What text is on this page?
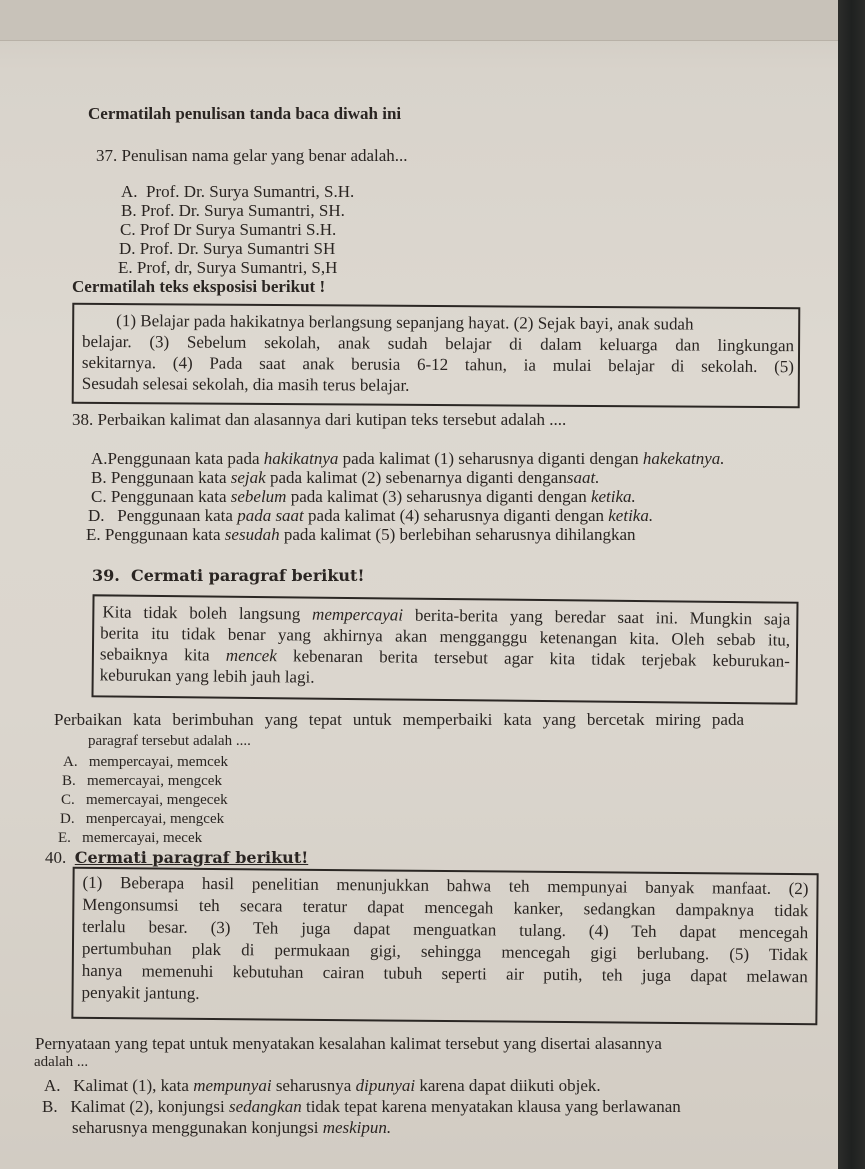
Cermatilah penulisan tanda baca diwah ini
37. Penulisan nama gelar yang benar adalah...
A. Prof. Dr. Surya Sumantri, S.H.
B. Prof. Dr. Surya Sumantri, SH.
C. Prof Dr Surya Sumantri S.H.
D. Prof. Dr. Surya Sumantri SH
E. Prof, dr, Surya Sumantri, S,H
Cermatilah teks eksposisi berikut !
(1) Belajar pada hakikatnya berlangsung sepanjang hayat. (2) Sejak bayi, anak sudah
belajar. (3) Sebelum sekolah, anak sudah belajar di dalam keluarga dan lingkungan
sekitarnya. (4) Pada saat anak berusia 6-12 tahun, ia mulai belajar di sekolah. (5)
Sesudah selesai sekolah, dia masih terus belajar.
38. Perbaikan kalimat dan alasannya dari kutipan teks tersebut adalah ....
A.Penggunaan kata pada hakikatnya pada kalimat (1) seharusnya diganti dengan hakekatnya.
B. Penggunaan kata sejak pada kalimat (2) sebenarnya diganti dengansaat.
C. Penggunaan kata sebelum pada kalimat (3) seharusnya diganti dengan ketika.
D. Penggunaan kata pada saat pada kalimat (4) seharusnya diganti dengan ketika.
E. Penggunaan kata sesudah pada kalimat (5) berlebihan seharusnya dihilangkan
39. Cermati paragraf berikut!
Kita tidak boleh langsung mempercayai berita-berita yang beredar saat ini. Mungkin saja
berita itu tidak benar yang akhirnya akan mengganggu ketenangan kita. Oleh sebab itu,
sebaiknya kita mencek kebenaran berita tersebut agar kita tidak terjebak keburukan-
keburukan yang lebih jauh lagi.
Perbaikan kata berimbuhan yang tepat untuk memperbaiki kata yang bercetak miring pada
paragraf tersebut adalah ....
A. mempercayai, memcek
B. memercayai, mengcek
C. memercayai, mengecek
D. menpercayai, mengcek
E. memercayai, mecek
40. Cermati paragraf berikut!
(1) Beberapa hasil penelitian menunjukkan bahwa teh mempunyai banyak manfaat. (2)
Mengonsumsi teh secara teratur dapat mencegah kanker, sedangkan dampaknya tidak
terlalu besar. (3) Teh juga dapat menguatkan tulang. (4) Teh dapat mencegah
pertumbuhan plak di permukaan gigi, sehingga mencegah gigi berlubang. (5) Tidak
hanya memenuhi kebutuhan cairan tubuh seperti air putih, teh juga dapat melawan
penyakit jantung.
Pernyataan yang tepat untuk menyatakan kesalahan kalimat tersebut yang disertai alasannya
adalah ...
A. Kalimat (1), kata mempunyai seharusnya dipunyai karena dapat diikuti objek.
B. Kalimat (2), konjungsi sedangkan tidak tepat karena menyatakan klausa yang berlawanan
seharusnya menggunakan konjungsi meskipun.
